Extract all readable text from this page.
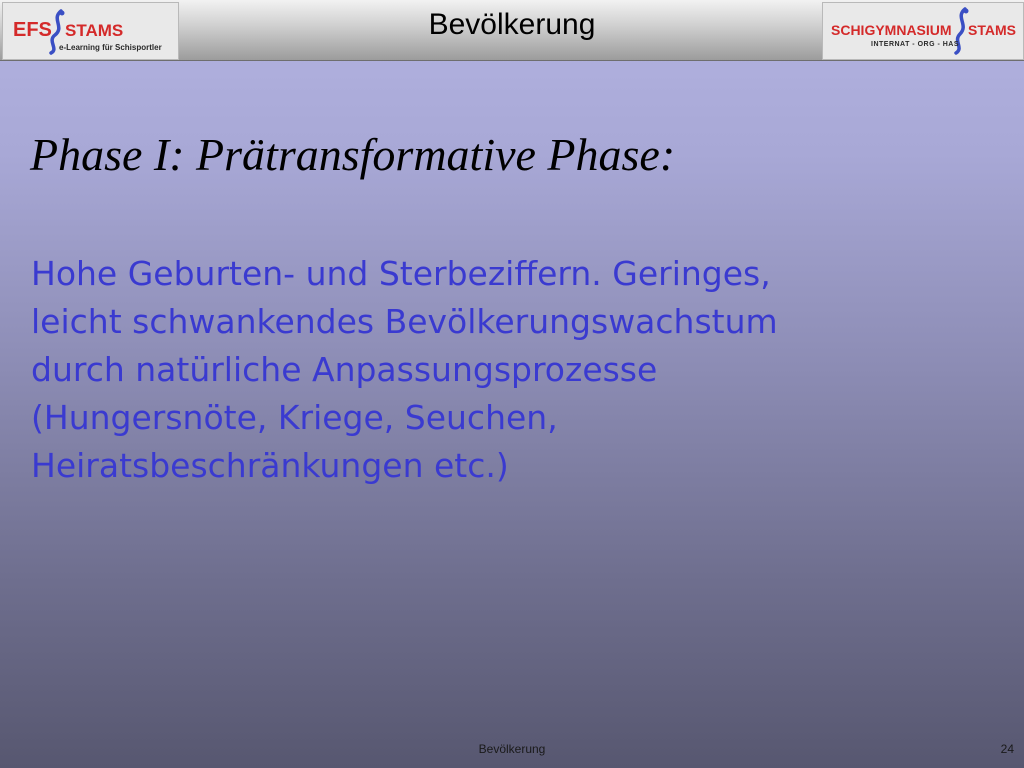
EFS STAMS
e-Learning für Schisportler
Bevölkerung	SCHIGYMNASIUM STAMS
INTERNAT - ORG - HAS
Phase I: Prätransformative Phase:
Hohe Geburten- und Sterbeziffern. Geringes,
leicht schwankendes Bevölkerungswachstum
durch natürliche Anpassungsprozesse
(Hungersnöte, Kriege, Seuchen,
Heiratsbeschränkungen etc.)
Bevölkerung	24
